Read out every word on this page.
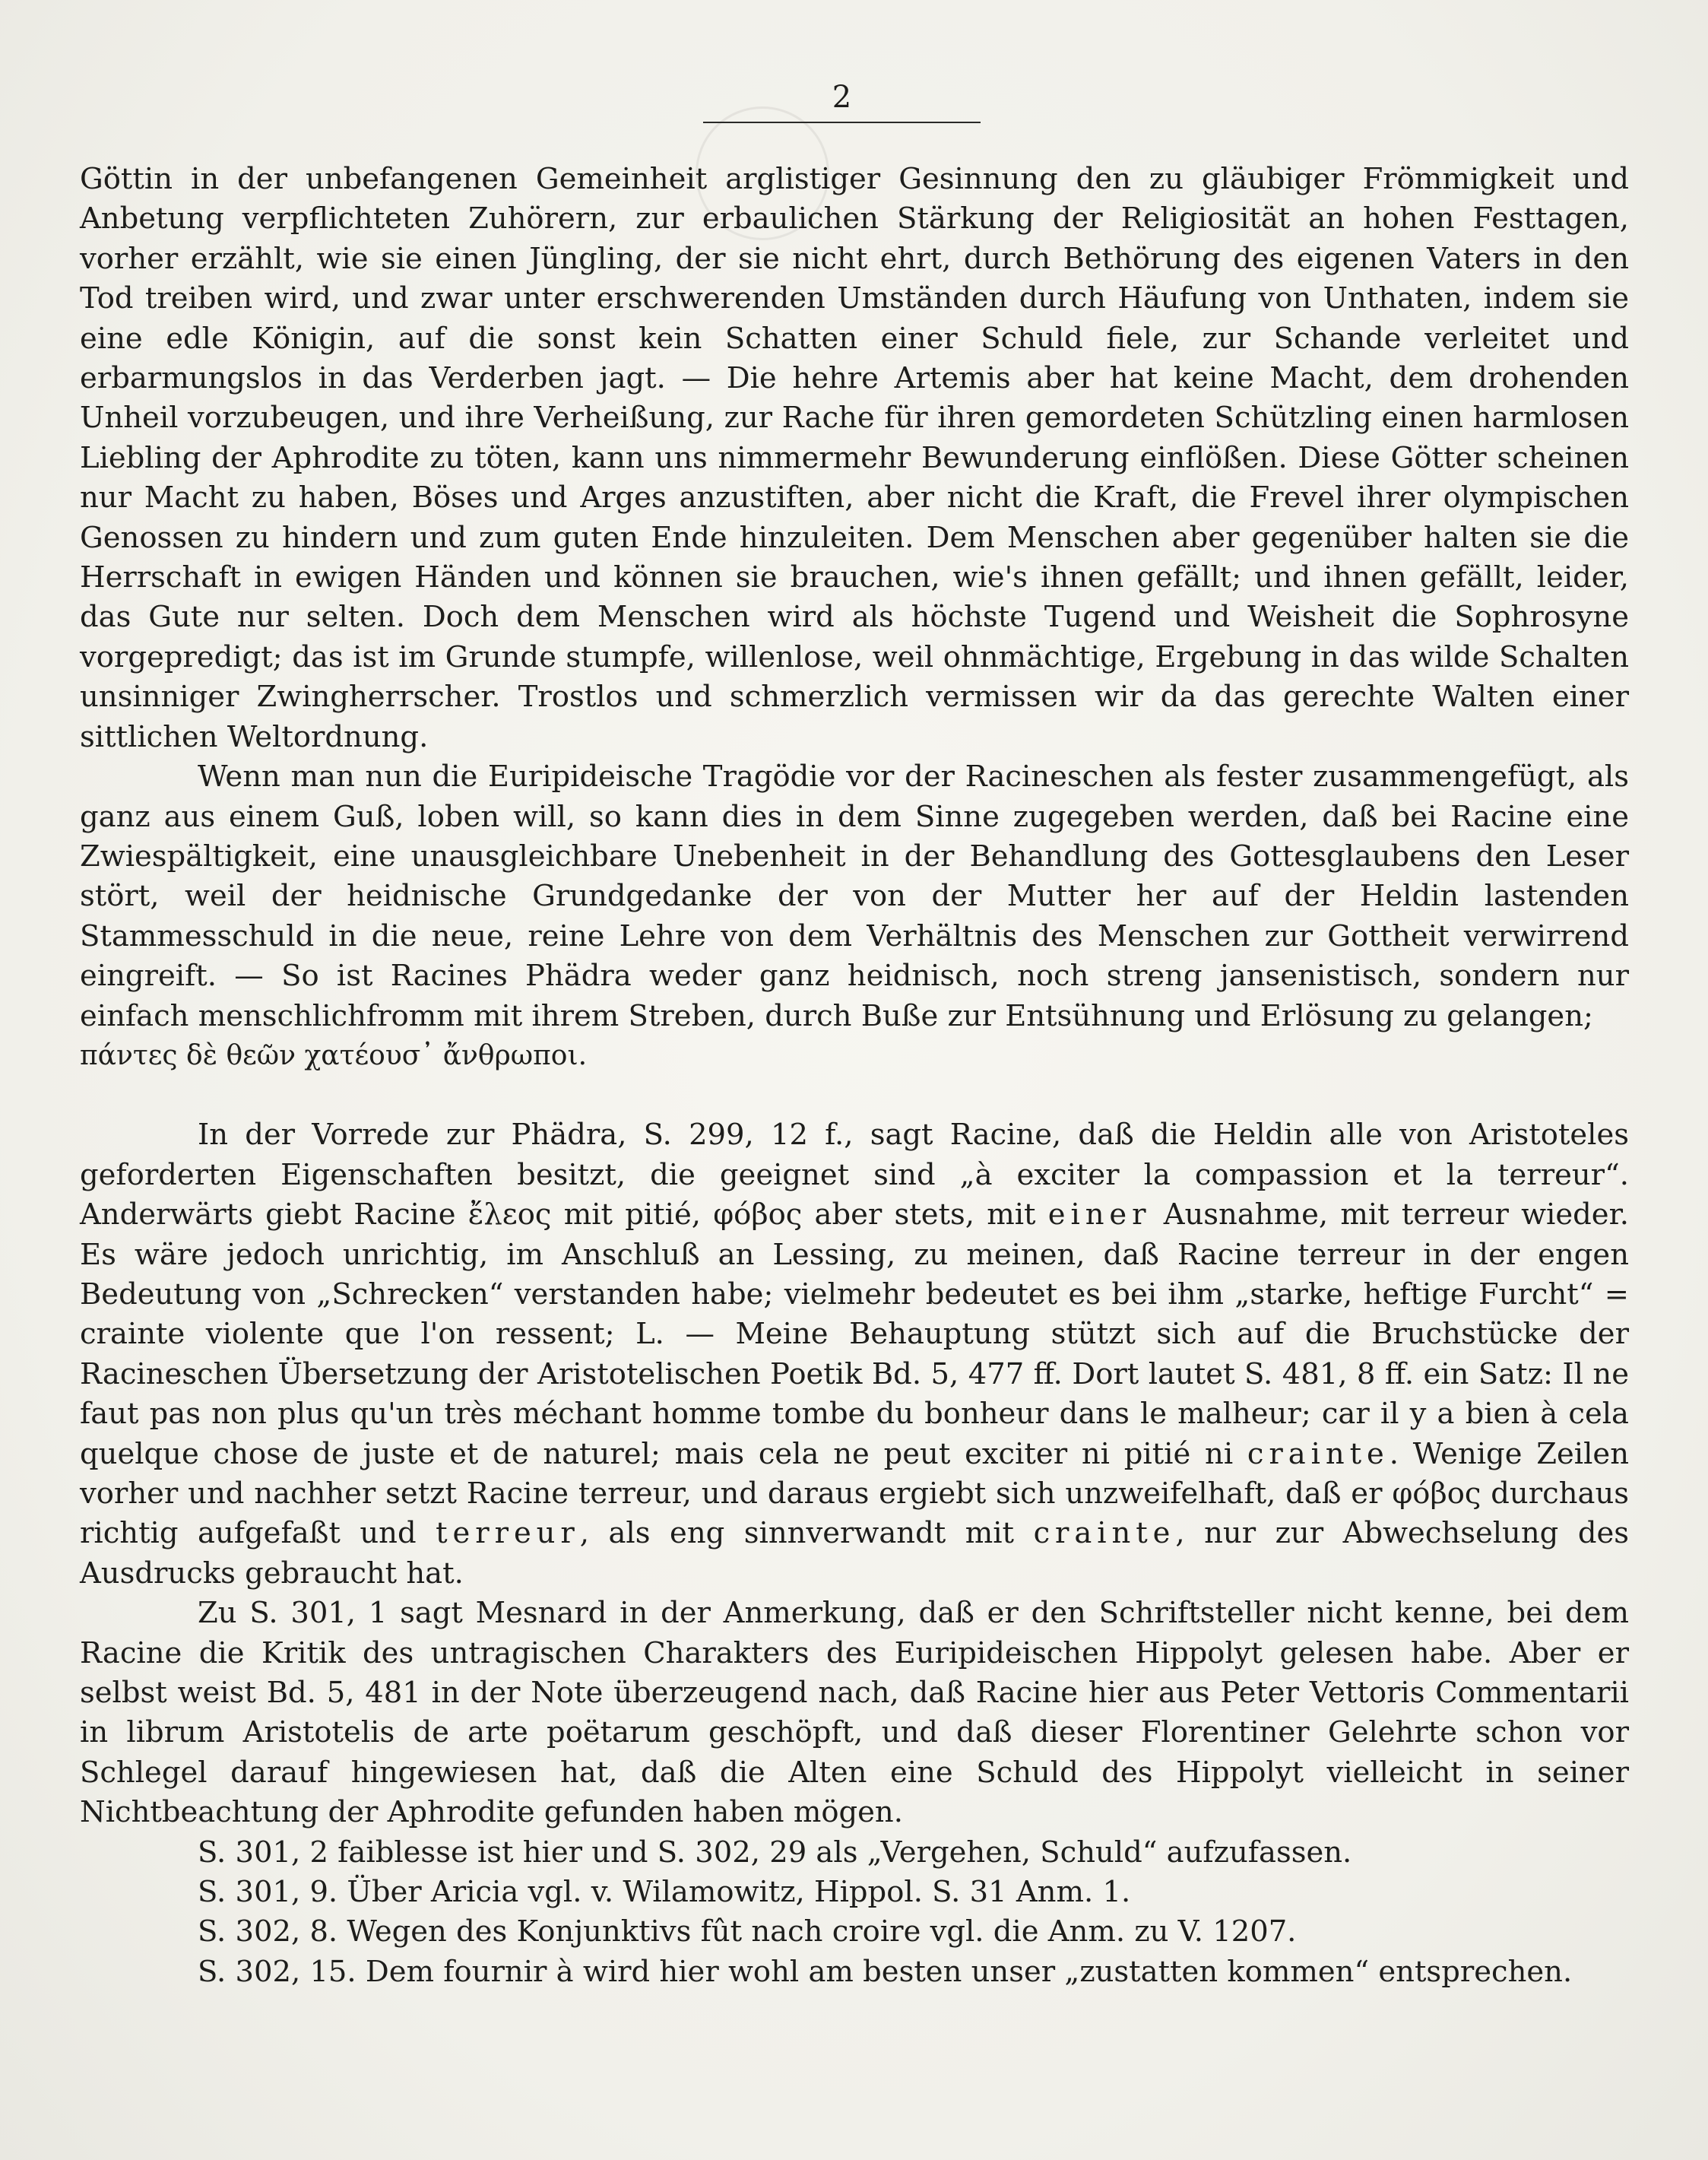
2

Göttin in der unbefangenen Gemeinheit arglistiger Gesinnung den zu gläubiger Frömmigkeit und Anbetung verpflichteten Zuhörern, zur erbaulichen Stärkung der Religiosität an hohen Festtagen, vorher erzählt, wie sie einen Jüngling, der sie nicht ehrt, durch Bethörung des eigenen Vaters in den Tod treiben wird, und zwar unter erschwerenden Umständen durch Häufung von Unthaten, indem sie eine edle Königin, auf die sonst kein Schatten einer Schuld fiele, zur Schande verleitet und erbarmungslos in das Verderben jagt. — Die hehre Artemis aber hat keine Macht, dem drohenden Unheil vorzubeugen, und ihre Verheißung, zur Rache für ihren gemordeten Schützling einen harmlosen Liebling der Aphrodite zu töten, kann uns nimmermehr Bewunderung einflößen. Diese Götter scheinen nur Macht zu haben, Böses und Arges anzustiften, aber nicht die Kraft, die Frevel ihrer olympischen Genossen zu hindern und zum guten Ende hinzuleiten. Dem Menschen aber gegenüber halten sie die Herrschaft in ewigen Händen und können sie brauchen, wie's ihnen gefällt; und ihnen gefällt, leider, das Gute nur selten. Doch dem Menschen wird als höchste Tugend und Weisheit die Sophrosyne vorgepredigt; das ist im Grunde stumpfe, willenlose, weil ohnmächtige, Ergebung in das wilde Schalten unsinniger Zwingherrscher. Trostlos und schmerzlich vermissen wir da das gerechte Walten einer sittlichen Weltordnung.

Wenn man nun die Euripideische Tragödie vor der Racineschen als fester zusammengefügt, als ganz aus einem Guß, loben will, so kann dies in dem Sinne zugegeben werden, daß bei Racine eine Zwiespältigkeit, eine unausgleichbare Unebenheit in der Behandlung des Gottesglaubens den Leser stört, weil der heidnische Grundgedanke der von der Mutter her auf der Heldin lastenden Stammesschuld in die neue, reine Lehre von dem Verhältnis des Menschen zur Gottheit verwirrend eingreift. — So ist Racines Phädra weder ganz heidnisch, noch streng jansenistisch, sondern nur einfach menschlichfromm mit ihrem Streben, durch Buße zur Entsühnung und Erlösung zu gelangen;

πάντες δὲ θεῶν χατέουσ᾽ ἄνθρωποι.

In der Vorrede zur Phädra, S. 299, 12 f., sagt Racine, daß die Heldin alle von Aristoteles geforderten Eigenschaften besitzt, die geeignet sind „à exciter la compassion et la terreur“. Anderwärts giebt Racine ἔλεος mit pitié, φόβος aber stets, mit einer Ausnahme, mit terreur wieder. Es wäre jedoch unrichtig, im Anschluß an Lessing, zu meinen, daß Racine terreur in der engen Bedeutung von „Schrecken“ verstanden habe; vielmehr bedeutet es bei ihm „starke, heftige Furcht“ = crainte violente que l'on ressent; L. — Meine Behauptung stützt sich auf die Bruchstücke der Racineschen Übersetzung der Aristotelischen Poetik Bd. 5, 477 ff. Dort lautet S. 481, 8 ff. ein Satz: Il ne faut pas non plus qu'un très méchant homme tombe du bonheur dans le malheur; car il y a bien à cela quelque chose de juste et de naturel; mais cela ne peut exciter ni pitié ni crainte. Wenige Zeilen vorher und nachher setzt Racine terreur, und daraus ergiebt sich unzweifelhaft, daß er φόβος durchaus richtig aufgefaßt und terreur, als eng sinnverwandt mit crainte, nur zur Abwechselung des Ausdrucks gebraucht hat.

Zu S. 301, 1 sagt Mesnard in der Anmerkung, daß er den Schriftsteller nicht kenne, bei dem Racine die Kritik des untragischen Charakters des Euripideischen Hippolyt gelesen habe. Aber er selbst weist Bd. 5, 481 in der Note überzeugend nach, daß Racine hier aus Peter Vettoris Commentarii in librum Aristotelis de arte poëtarum geschöpft, und daß dieser Florentiner Gelehrte schon vor Schlegel darauf hingewiesen hat, daß die Alten eine Schuld des Hippolyt vielleicht in seiner Nichtbeachtung der Aphrodite gefunden haben mögen.

S. 301, 2 faiblesse ist hier und S. 302, 29 als „Vergehen, Schuld“ aufzufassen.

S. 301, 9. Über Aricia vgl. v. Wilamowitz, Hippol. S. 31 Anm. 1.

S. 302, 8. Wegen des Konjunktivs fût nach croire vgl. die Anm. zu V. 1207.

S. 302, 15. Dem fournir à wird hier wohl am besten unser „zustatten kommen“ entsprechen.
